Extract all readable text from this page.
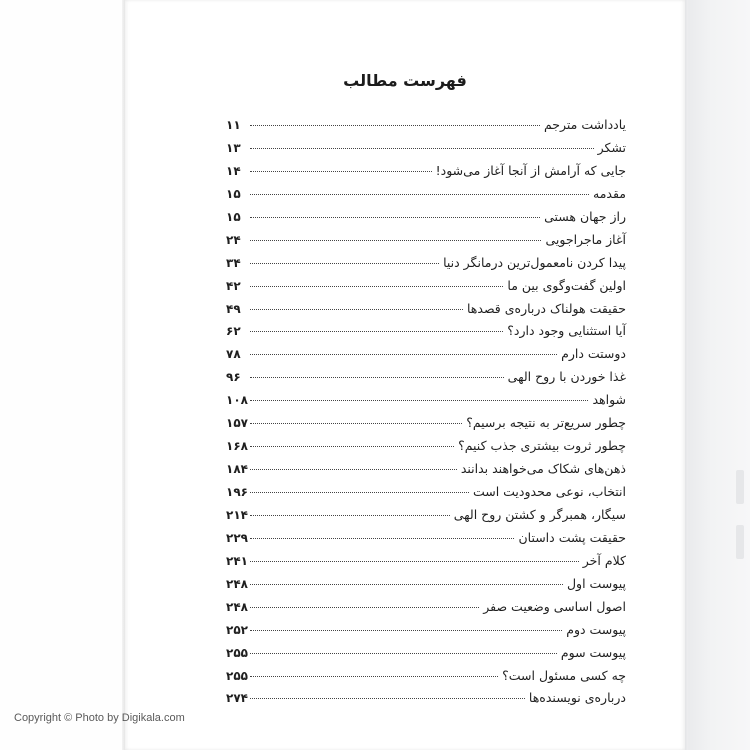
فهرست مطالب
یادداشت مترجم
۱۱
تشکر
۱۳
جایی که آرامش از آنجا آغاز می‌شود!
۱۴
مقدمه
۱۵
راز جهان هستی
۱۵
آغاز ماجراجویی
۲۴
پیدا کردن نامعمول‌ترین درمانگر دنیا
۳۴
اولین گفت‌وگوی بین ما
۴۲
حقیقت هولناک درباره‌ی قصدها
۴۹
آیا استثنایی وجود دارد؟
۶۲
دوستت دارم
۷۸
غذا خوردن با روح الهی
۹۶
شواهد
۱۰۸
چطور سریع‌تر به نتیجه برسیم؟
۱۵۷
چطور ثروت بیشتری جذب کنیم؟
۱۶۸
ذهن‌های شکاک می‌خواهند بدانند
۱۸۴
انتخاب، نوعی محدودیت است
۱۹۶
سیگار، همبرگر و کشتن روح الهی
۲۱۴
حقیقت پشت داستان
۲۲۹
کلام آخر
۲۴۱
پیوست اول
۲۴۸
اصول اساسی وضعیت صفر
۲۴۸
پیوست دوم
۲۵۲
پیوست سوم
۲۵۵
چه کسی مسئول است؟
۲۵۵
درباره‌ی نویسنده‌ها
۲۷۴
Copyright © Photo by Digikala.com
